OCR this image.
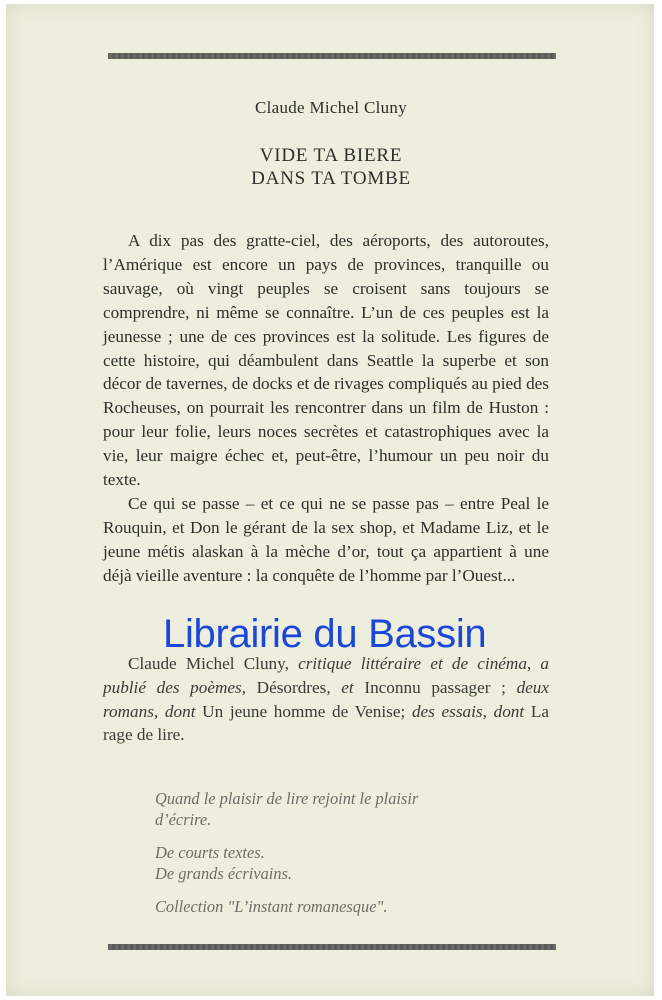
Claude Michel Cluny
VIDE TA BIERE
DANS TA TOMBE

A dix pas des gratte-ciel, des aéroports, des autoroutes, l’Amérique est encore un pays de provinces, tranquille ou sauvage, où vingt peuples se croisent sans toujours se comprendre, ni même se connaître. L’un de ces peuples est la jeunesse ; une de ces provinces est la solitude. Les figures de cette histoire, qui déambulent dans Seattle la superbe et son décor de tavernes, de docks et de rivages compliqués au pied des Rocheuses, on pourrait les rencontrer dans un film de Huston : pour leur folie, leurs noces secrètes et catastrophiques avec la vie, leur maigre échec et, peut-être, l’humour un peu noir du texte.

Ce qui se passe – et ce qui ne se passe pas – entre Peal le Rouquin, et Don le gérant de la sex shop, et Madame Liz, et le jeune métis alaskan à la mèche d’or, tout ça appartient à une déjà vieille aventure : la conquête de l’homme par l’Ouest...

Librairie du Bassin
Claude Michel Cluny, critique littéraire et de cinéma, a publié des poèmes, Désordres, et Inconnu passager ; deux romans, dont Un jeune homme de Venise; des essais, dont La rage de lire.
Quand le plaisir de lire rejoint le plaisir
d’écrire.
De courts textes.
De grands écrivains.
Collection "L’instant romanesque".
